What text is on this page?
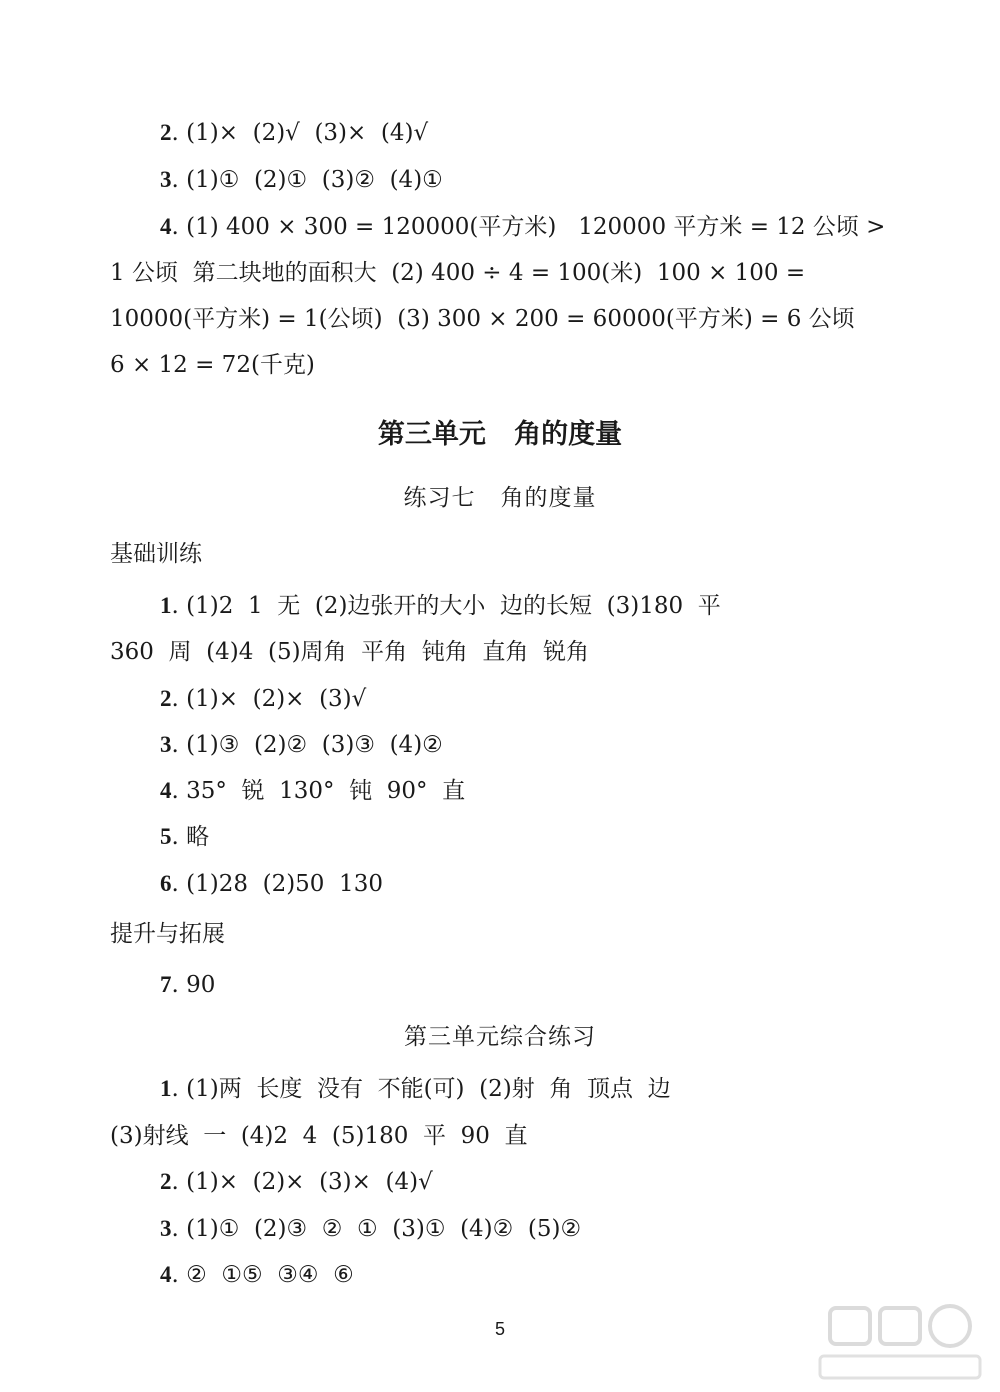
2. (1)×  (2)√  (3)×  (4)√
3. (1)①  (2)①  (3)②  (4)①
4. (1) 400 × 300 = 120000(平方米)   120000 平方米 = 12 公顷 >
1 公顷  第二块地的面积大  (2) 400 ÷ 4 = 100(米)  100 × 100 =
10000(平方米) = 1(公顷)  (3) 300 × 200 = 60000(平方米) = 6 公顷
6 × 12 = 72(千克)
第三单元   角的度量
练习七   角的度量
基础训练
1. (1)2  1  无  (2)边张开的大小  边的长短  (3)180  平
360  周  (4)4  (5)周角  平角  钝角  直角  锐角
2. (1)×  (2)×  (3)√
3. (1)③  (2)②  (3)③  (4)②
4. 35°  锐  130°  钝  90°  直
5. 略
6. (1)28  (2)50  130
提升与拓展
7. 90
第三单元综合练习
1. (1)两  长度  没有  不能(可)  (2)射  角  顶点  边
(3)射线  一  (4)2  4  (5)180  平  90  直
2. (1)×  (2)×  (3)×  (4)√
3. (1)①  (2)③  ②  ①  (3)①  (4)②  (5)②
4. ②  ①⑤  ③④  ⑥
5
